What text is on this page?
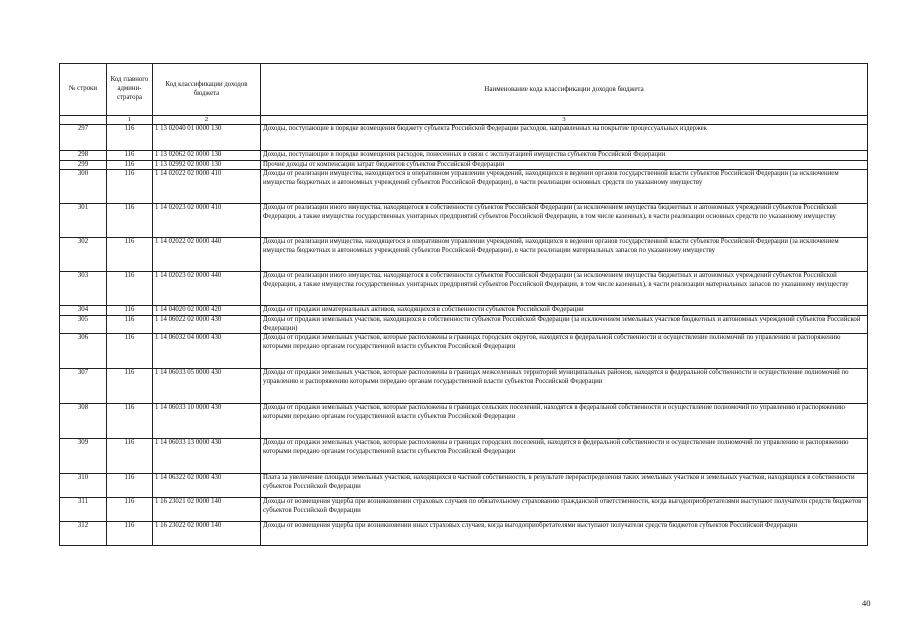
№ строки	Код главного админи-стратора	Код классификации доходов бюджета	Наименование кода классификации доходов бюджета
	1	2	3
297	116	1 13 02040 01 0000 130	Доходы, поступающие в порядке возмещения бюджету субъекта Российской Федерации расходов, направленных на покрытие процессуальных издержек
298	116	1 13 02062 02 0000 130	Доходы, поступающие в порядке возмещения расходов, понесенных в связи с эксплуатацией имущества субъектов Российской Федерации
299	116	1 13 02992 02 0000 130	Прочие доходы от компенсации затрат бюджетов субъектов Российской Федерации
300	116	1 14 02022 02 0000 410	Доходы от реализации имущества, находящегося в оперативном управлении учреждений, находящихся в ведении органов государственной власти субъектов Российской Федерации (за исключением имущества бюджетных и автономных учреждений субъектов Российской Федерации), в части реализации основных средств по указанному имуществу
301	116	1 14 02023 02 0000 410	Доходы от реализации иного имущества, находящегося в собственности субъектов Российской Федерации (за исключением имущества бюджетных и автономных учреждений субъектов Российской Федерации, а также имущества государственных унитарных предприятий субъектов Российской Федерации, в том числе казенных), в части реализации основных средств по указанному имуществу
302	116	1 14 02022 02 0000 440	Доходы от реализации имущества, находящегося в оперативном управлении учреждений, находящихся в ведении органов государственной власти субъектов Российской Федерации (за исключением имущества бюджетных и автономных учреждений субъектов Российской Федерации), в части реализации материальных запасов по указанному имуществу
303	116	1 14 02023 02 0000 440	Доходы от реализации иного имущества, находящегося в собственности субъектов Российской Федерации (за исключением имущества бюджетных и автономных учреждений субъектов Российской Федерации, а также имущества государственных унитарных предприятий субъектов Российской Федерации, в том числе казенных), в части реализации материальных запасов по указанному имуществу
304	116	1 14 04020 02 0000 420	Доходы от продажи нематериальных активов, находящихся в собственности субъектов Российской Федерации
305	116	1 14 06022 02 0000 430	Доходы от продажи земельных участков, находящихся в собственности субъектов Российской Федерации (за исключением земельных участков бюджетных и автономных учреждений субъектов Российской Федерации)
306	116	1 14 06032 04 0000 430	Доходы от продажи земельных участков, которые расположены в границах городских округов, находятся в федеральной собственности и осуществление полномочий по управлению и распоряжению которыми передано органам государственной власти субъектов Российской Федерации
307	116	1 14 06033 05 0000 430	Доходы от продажи земельных участков, которые расположены в границах межселенных территорий муниципальных районов, находятся в федеральной собственности и осуществление полномочий по управлению и распоряжению которыми передано органам государственной власти субъектов Российской Федерации
308	116	1 14 06033 10 0000 430	Доходы от продажи земельных участков, которые расположены в границах сельских поселений, находятся в федеральной собственности и осуществление полномочий по управлению и распоряжению которыми передано органам государственной власти субъектов Российской Федерации
309	116	1 14 06033 13 0000 430	Доходы от продажи земельных участков, которые расположены в границах городских поселений, находятся в федеральной собственности и осуществление полномочий по управлению и распоряжению которыми передано органам государственной власти субъектов Российской Федерации
310	116	1 14 06322 02 0000 430	Плата за увеличение площади земельных участков, находящихся в частной собственности, в результате перераспределения таких земельных участков и земельных участков, находящихся в собственности субъектов Российской Федерации
311	116	1 16 23021 02 0000 140	Доходы от возмещения ущерба при возникновении страховых случаев по обязательному страхованию гражданской ответственности, когда выгодоприобретателями выступают получатели средств бюджетов субъектов Российской Федерации
312	116	1 16 23022 02 0000 140	Доходы от возмещения ущерба при возникновении иных страховых случаев, когда выгодоприобретателями выступают получатели средств бюджетов субъектов Российской Федерации
40
